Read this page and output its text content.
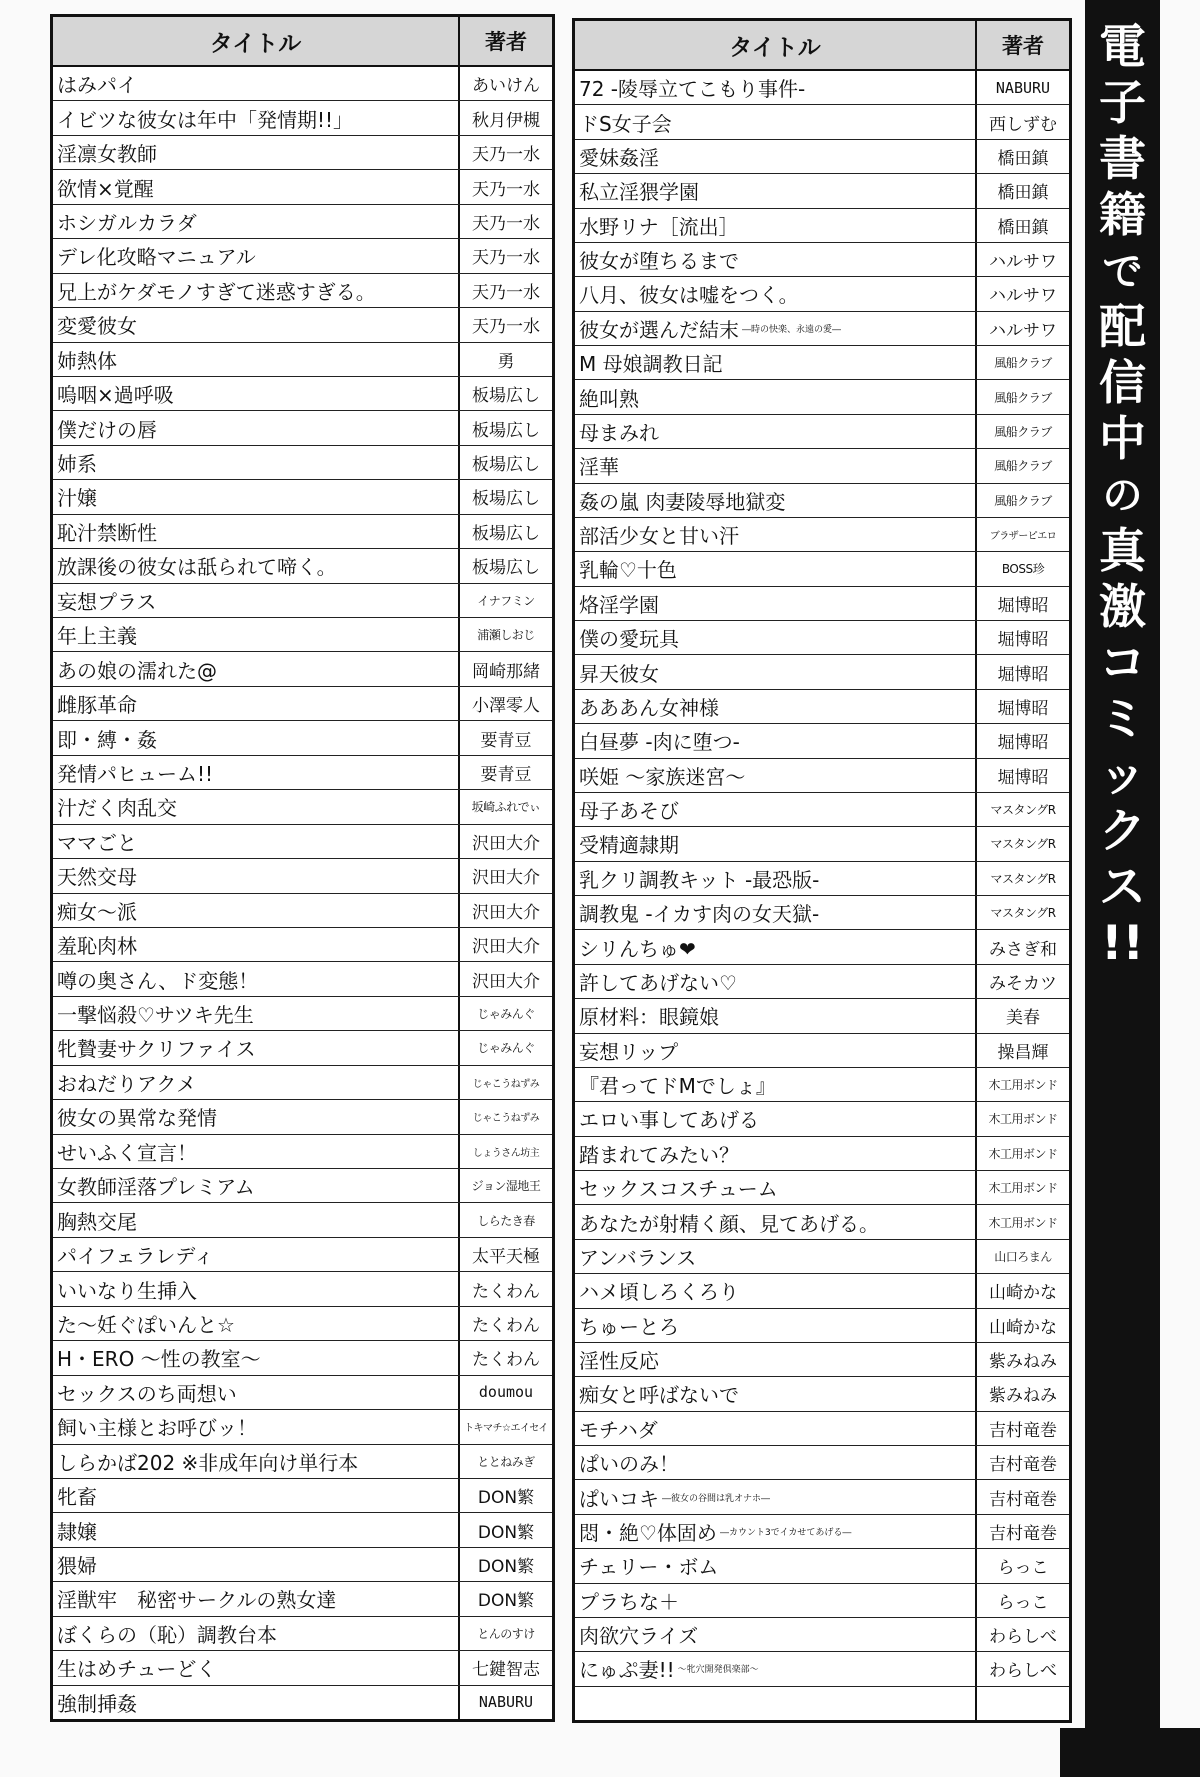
タイトル	著者
はみパイ	あいけん
イビツな彼女は年中「発情期!!」	秋月伊槻
淫凛女教師	天乃一水
欲情×覚醒	天乃一水
ホシガルカラダ	天乃一水
デレ化攻略マニュアル	天乃一水
兄上がケダモノすぎて迷惑すぎる。	天乃一水
変愛彼女	天乃一水
姉熱体	勇
嗚咽×過呼吸	板場広し
僕だけの唇	板場広し
姉系	板場広し
汁嬢	板場広し
恥汁禁断性	板場広し
放課後の彼女は舐られて啼く。	板場広し
妄想プラス	イナフミン
年上主義	浦瀬しおじ
あの娘の濡れた@	岡崎那緒
雌豚革命	小澤零人
即・縛・姦	要青豆
発情パヒューム!!	要青豆
汁だく肉乱交	坂崎ふれでぃ
ママごと	沢田大介
天然交母	沢田大介
痴女～派	沢田大介
羞恥肉林	沢田大介
噂の奥さん、ド変態！	沢田大介
一撃悩殺♡サツキ先生	じゃみんぐ
牝贄妻サクリファイス	じゃみんぐ
おねだりアクメ	じゃこうねずみ
彼女の異常な発情	じゃこうねずみ
せいふく宣言！	しょうさん坊主
女教師淫落プレミアム	ジョン湿地王
胸熱交尾	しらたき春
パイフェラレディ	太平天極
いいなり生挿入	たくわん
た～妊ぐぽいんと☆	たくわん
H・ERO ～性の教室～	たくわん
セックスのち両想い	doumou
飼い主様とお呼びッ！	トキマチ☆エイセイ
しらかば202 ※非成年向け単行本	ととねみぎ
牝畜	DON繁
隷嬢	DON繁
猥婦	DON繁
淫獣牢　秘密サークルの熟女達	DON繁
ぼくらの（恥）調教台本	とんのすけ
生はめチューどく	七鍵智志
強制挿姦	NABURU
タイトル	著者
72 -陵辱立てこもり事件-	NABURU
ドS女子会	西しずむ
愛妹姦淫	橋田鎮
私立淫猥学園	橋田鎮
水野リナ［流出］	橋田鎮
彼女が堕ちるまで	ハルサワ
八月、彼女は嘘をつく。	ハルサワ
彼女が選んだ結末 ―時の快楽、永遠の愛―	ハルサワ
M 母娘調教日記	風船クラブ
絶叫熟	風船クラブ
母まみれ	風船クラブ
淫華	風船クラブ
姦の嵐 肉妻陵辱地獄変	風船クラブ
部活少女と甘い汗	ブラザーピエロ
乳輪♡十色	BOSS珍
烙淫学園	堀博昭
僕の愛玩具	堀博昭
昇天彼女	堀博昭
あああん女神様	堀博昭
白昼夢 -肉に堕つ-	堀博昭
咲姫 ～家族迷宮～	堀博昭
母子あそび	マスタングR
受精適隷期	マスタングR
乳クリ調教キット -最恐版-	マスタングR
調教鬼 -イカす肉の女天獄-	マスタングR
シリんちゅ❤	みさぎ和
許してあげない♡	みそカツ
原材料：眼鏡娘	美春
妄想リップ	操昌輝
『君ってドMでしょ』	木工用ボンド
エロい事してあげる	木工用ボンド
踏まれてみたい？	木工用ボンド
セックスコスチューム	木工用ボンド
あなたが射精く顔、見てあげる。	木工用ボンド
アンバランス	山口ろまん
ハメ頃しろくろり	山崎かな
ちゅーとろ	山崎かな
淫性反応	紫みねみ
痴女と呼ばないで	紫みねみ
モチハダ	吉村竜巻
ぱいのみ！	吉村竜巻
ぱいコキ ―彼女の谷間は乳オナホ―	吉村竜巻
悶・絶♡体固め ―カウント3でイカせてあげる―	吉村竜巻
チェリー・ボム	らっこ
プラちな＋	らっこ
肉欲穴ライズ	わらしべ
にゅぷ妻!! ～牝穴開発倶楽部～	わらしべ
電
子
書
籍
で
配
信
中
の
真
激
コ
ミ
ッ
ク
ス
!!
